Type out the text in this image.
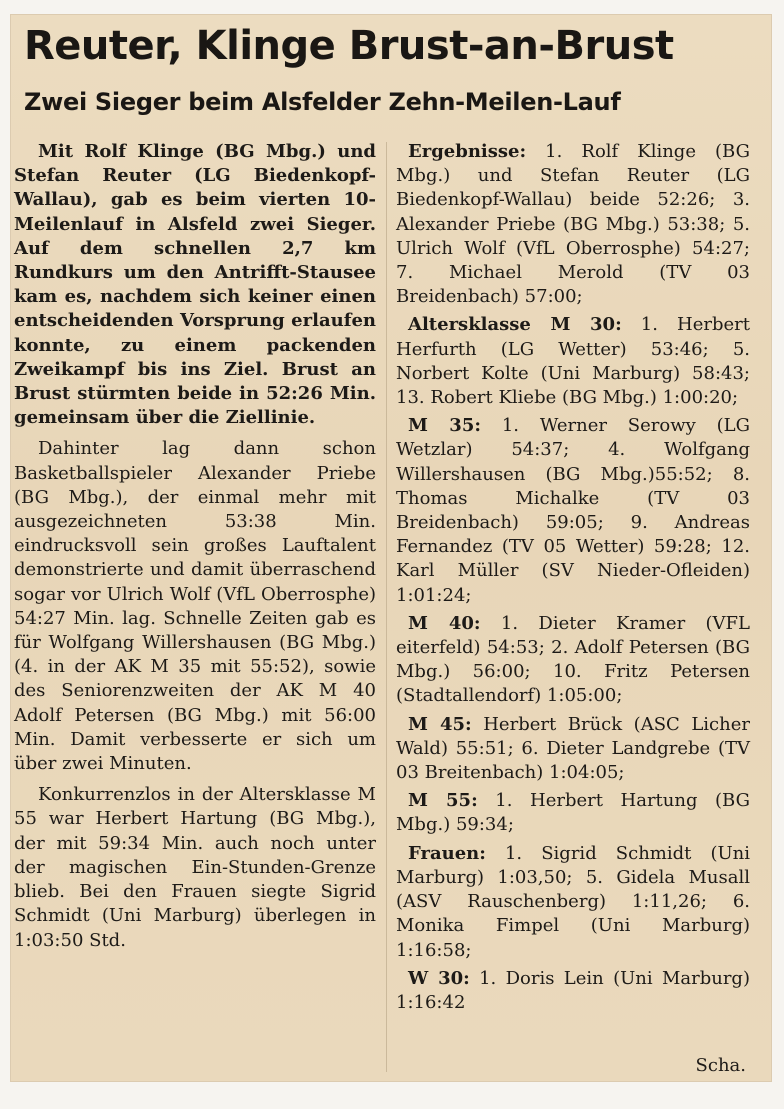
Reuter, Klinge Brust-an-Brust
Zwei Sieger beim Alsfelder Zehn-Meilen-Lauf

Mit Rolf Klinge (BG Mbg.) und Stefan Reuter (LG Biedenkopf-Wallau), gab es beim vierten 10-Meilenlauf in Alsfeld zwei Sieger. Auf dem schnellen 2,7 km Rundkurs um den Antrifft-Stausee kam es, nachdem sich keiner einen entscheidenden Vorsprung erlaufen konnte, zu einem packenden Zweikampf bis ins Ziel. Brust an Brust stürmten beide in 52:26 Min. gemeinsam über die Ziellinie.

Dahinter lag dann schon Basketballspieler Alexander Priebe (BG Mbg.), der einmal mehr mit ausgezeichneten 53:38 Min. eindrucksvoll sein großes Lauftalent demonstrierte und damit überraschend sogar vor Ulrich Wolf (VfL Oberrosphe) 54:27 Min. lag. Schnelle Zeiten gab es für Wolfgang Willershausen (BG Mbg.) (4. in der AK M 35 mit 55:52), sowie des Seniorenzweiten der AK M 40 Adolf Petersen (BG Mbg.) mit 56:00 Min. Damit verbesserte er sich um über zwei Minuten.

Konkurrenzlos in der Altersklasse M 55 war Herbert Hartung (BG Mbg.), der mit 59:34 Min. auch noch unter der magischen Ein-Stunden-Grenze blieb. Bei den Frauen siegte Sigrid Schmidt (Uni Marburg) überlegen in 1:03:50 Std.

Ergebnisse: 1. Rolf Klinge (BG Mbg.) und Stefan Reuter (LG Biedenkopf-Wallau) beide 52:26; 3. Alexander Priebe (BG Mbg.) 53:38; 5. Ulrich Wolf (VfL Oberrosphe) 54:27; 7. Michael Merold (TV 03 Breidenbach) 57:00;

Altersklasse M 30: 1. Herbert Herfurth (LG Wetter) 53:46; 5. Norbert Kolte (Uni Marburg) 58:43; 13. Robert Kliebe (BG Mbg.) 1:00:20;

M 35: 1. Werner Serowy (LG Wetzlar) 54:37; 4. Wolfgang Willershausen (BG Mbg.)55:52; 8. Thomas Michalke (TV 03 Breidenbach) 59:05; 9. Andreas Fernandez (TV 05 Wetter) 59:28; 12. Karl Müller (SV Nieder-Ofleiden) 1:01:24;

M 40: 1. Dieter Kramer (VFL eiterfeld) 54:53; 2. Adolf Petersen (BG Mbg.) 56:00; 10. Fritz Petersen (Stadtallendorf) 1:05:00;

M 45: Herbert Brück (ASC Licher Wald) 55:51; 6. Dieter Landgrebe (TV 03 Breitenbach) 1:04:05;

M 55: 1. Herbert Hartung (BG Mbg.) 59:34;

Frauen: 1. Sigrid Schmidt (Uni Marburg) 1:03,50; 5. Gidela Musall (ASV Rauschenberg) 1:11,26; 6. Monika Fimpel (Uni Marburg) 1:16:58;

W 30: 1. Doris Lein (Uni Marburg) 1:16:42

Scha.
